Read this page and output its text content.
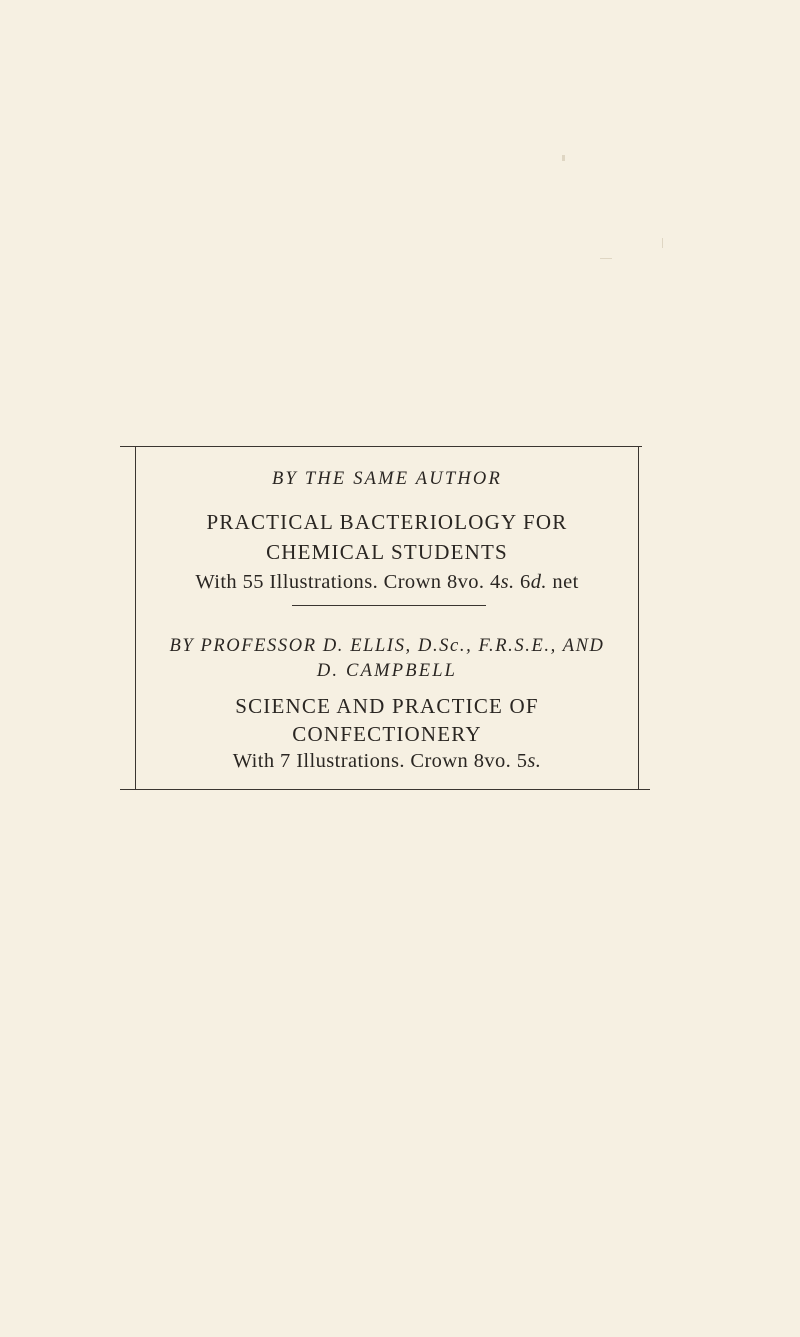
BY THE SAME AUTHOR
PRACTICAL BACTERIOLOGY FOR
CHEMICAL STUDENTS
With 55 Illustrations. Crown 8vo. 4s. 6d. net
BY PROFESSOR D. ELLIS, D.Sc., F.R.S.E., AND
D. CAMPBELL
SCIENCE AND PRACTICE OF
CONFECTIONERY
With 7 Illustrations. Crown 8vo. 5s.
